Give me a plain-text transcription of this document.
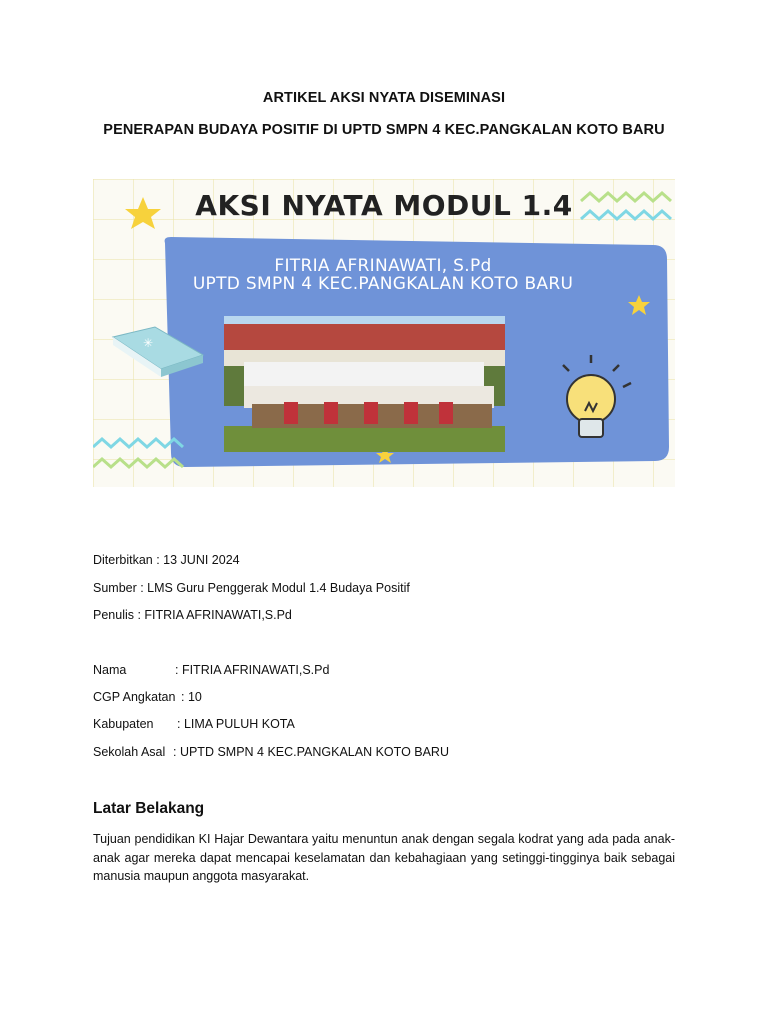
ARTIKEL AKSI NYATA DISEMINASI
PENERAPAN BUDAYA POSITIF DI UPTD SMPN 4 KEC.PANGKALAN KOTO BARU
✳
AKSI NYATA MODUL 1.4
FITRIA AFRINAWATI, S.Pd
UPTD SMPN 4 KEC.PANGKALAN KOTO BARU
Diterbitkan : 13 JUNI 2024
Sumber : LMS Guru Penggerak Modul 1.4 Budaya Positif
Penulis : FITRIA AFRINAWATI,S.Pd
Nama	: FITRIA AFRINAWATI,S.Pd
CGP Angkatan : 10
Kabupaten : LIMA PULUH KOTA
Sekolah Asal : UPTD SMPN 4 KEC.PANGKALAN KOTO BARU
Latar Belakang
Tujuan pendidikan KI Hajar Dewantara yaitu menuntun anak dengan segala kodrat yang ada pada anak-anak agar mereka dapat mencapai keselamatan dan kebahagiaan yang setinggi-tingginya baik sebagai manusia maupun anggota masyarakat.
